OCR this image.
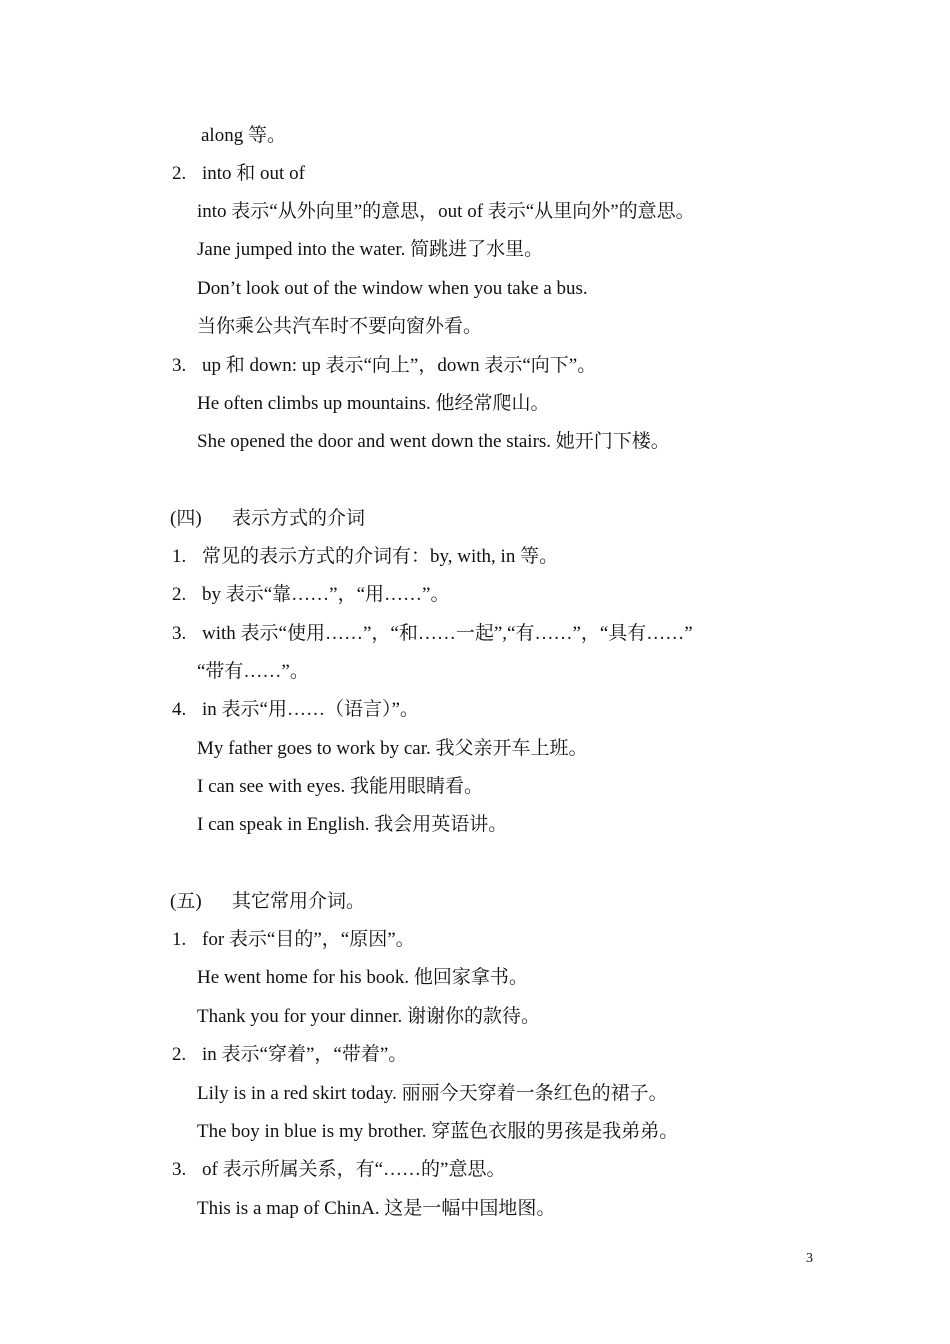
along 等。
2. into 和 out of
into 表示“从外向里”的意思，out of 表示“从里向外”的意思。
Jane jumped into the water. 简跳进了水里。
Don’t look out of the window when you take a bus.
当你乘公共汽车时不要向窗外看。
3. up 和 down: up 表示“向上”，down 表示“向下”。
He often climbs up mountains. 他经常爬山。
She opened the door and went down the stairs. 她开门下楼。
(四) 表示方式的介词
1. 常见的表示方式的介词有：by, with, in 等。
2. by 表示“靠……”，“用……”。
3. with 表示“使用……”，“和……一起”,“有……”，“具有……”
“带有……”。
4. in 表示“用……（语言）”。
My father goes to work by car. 我父亲开车上班。
I can see with eyes. 我能用眼睛看。
I can speak in English. 我会用英语讲。
(五) 其它常用介词。
1. for 表示“目的”，“原因”。
He went home for his book. 他回家拿书。
Thank you for your dinner. 谢谢你的款待。
2. in 表示“穿着”，“带着”。
Lily is in a red skirt today. 丽丽今天穿着一条红色的裙子。
The boy in blue is my brother. 穿蓝色衣服的男孩是我弟弟。
3. of 表示所属关系，有“……的”意思。
This is a map of ChinA. 这是一幅中国地图。
3
